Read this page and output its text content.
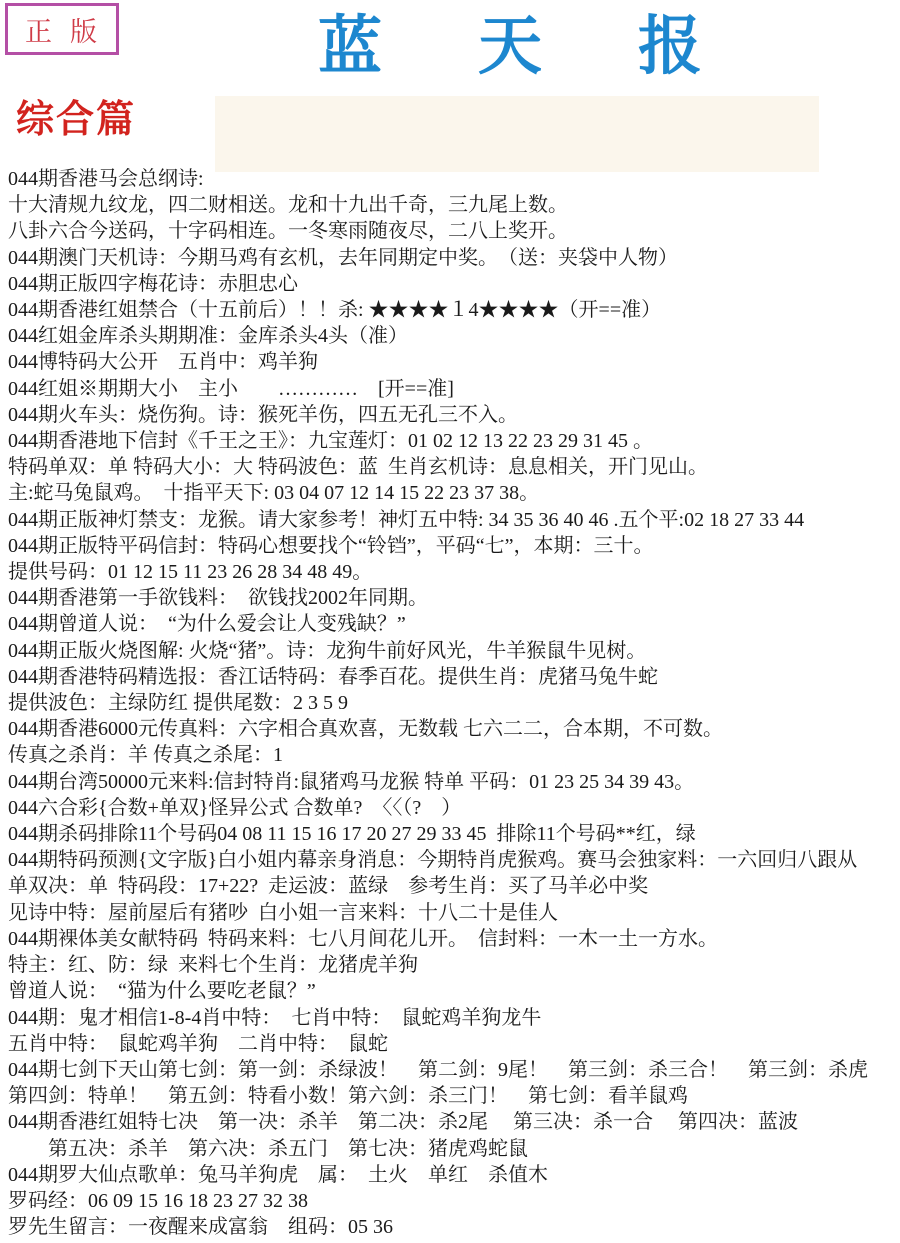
正版	蓝天报
综合篇
044期香港马会总纲诗:
十大清规九纹龙，四二财相送。龙和十九出千奇，三九尾上数。
八卦六合今送码，十字码相连。一冬寒雨随夜尽，二八上奖开。
044期澳门天机诗：今期马鸡有玄机，去年同期定中奖。　（送：夹袋中人物）
044期正版四字梅花诗：赤胆忠心
044期香港红姐禁合（十五前后）！！杀: ★★★★１4★★★★（开==准）
044红姐金库杀头期期准：金库杀头4头（准）
044博特码大公开　五肖中：鸡羊狗
044红姐※期期大小　主小　　…………　[开==准]
044期火车头：烧伤狗。诗：猴死羊伤，四五无孔三不入。
044期香港地下信封《千王之王》：九宝莲灯：01 02 12 13 22 23 29 31 45 。
特码单双：单 特码大小：大 特码波色：蓝  生肖玄机诗：息息相关，开门见山。
主:蛇马兔鼠鸡。　十指平天下: 03 04 07 12 14 15 22 23 37 38。
044期正版神灯禁支：龙猴。请大家参考！神灯五中特: 34 35 36 40 46 .五个平:02 18 27 33 44
044期正版特平码信封：特码心想要找个“铃铛”，平码“七”，本期：三十。
提供号码：01 12 15 11 23 26 28 34 48 49。
044期香港第一手欲钱料：　欲钱找2002年同期。
044期曾道人说：　“为什么爱会让人变残缺？”
044期正版火烧图解: 火烧“猪”。诗：龙狗牛前好风光，牛羊猴鼠牛见树。
044期香港特码精选报：香江话特码：春季百花。提供生肖：虎猪马兔牛蛇
提供波色：主绿防红 提供尾数：2 3 5 9
044期香港6000元传真料：六字相合真欢喜，无数载 七六二二，合本期，不可数。
传真之杀肖：羊 传真之杀尾：1
044期台湾50000元来料:信封特肖:鼠猪鸡马龙猴 特单 平码：01 23 25 34 39 43。
044六合彩{合数+单双}怪异公式 合数单?　〈〈（?　）
044期杀码排除11个号码04 08 11 15 16 17 20 27 29 33 45  排除11个号码**红，绿
044期特码预测{文字版}白小姐内幕亲身消息：今期特肖虎猴鸡。赛马会独家料：一六回归八跟从
单双决：单  特码段：17+22?  走运波：蓝绿　参考生肖：买了马羊必中奖
见诗中特：屋前屋后有猪吵  白小姐一言来料：十八二十是佳人
044期裸体美女献特码  特码来料：七八月间花儿开。　信封料：一木一土一方水。
特主：红、防：绿  来料七个生肖：龙猪虎羊狗
曾道人说：　“猫为什么要吃老鼠？”
044期：鬼才相信1-8-4肖中特：　七肖中特：　鼠蛇鸡羊狗龙牛
五肖中特：　鼠蛇鸡羊狗　二肖中特：　鼠蛇
044期七剑下天山第七剑：第一剑：杀绿波！　第二剑：9尾！　第三剑：杀三合！　第三剑：杀虎
第四剑：特单！　第五剑：特看小数！第六剑：杀三门！　第七剑：看羊鼠鸡
044期香港红姐特七决　第一决：杀羊　第二决：杀2尾　 第三决：杀一合　 第四决：蓝波
　　第五决：杀羊　第六决：杀五门　第七决：猪虎鸡蛇鼠
044期罗大仙点歌单：兔马羊狗虎　属：　土火　单红　杀值木
罗码经：06 09 15 16 18 23 27 32 38
罗先生留言：一夜醒来成富翁　组码：05 36
